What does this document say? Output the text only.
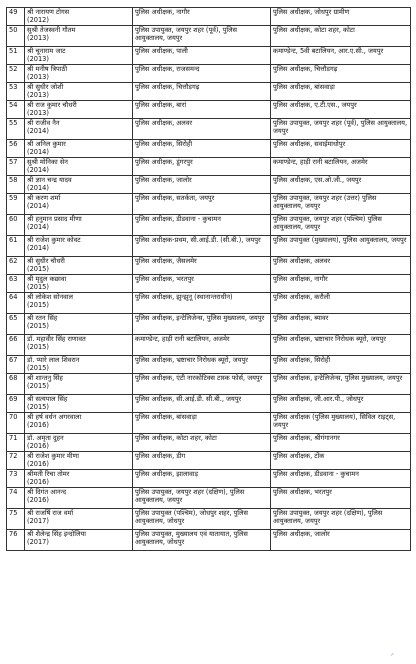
49	श्री नारायण टोगस
(2012)	पुलिस अधीक्षक, नागौर	पुलिस अधीक्षक, जोधपुर ग्रामीण

50	सुश्री तेजस्वनी गौतम
(2013)	पुलिस उपायुक्त, जयपुर शहर (पूर्व), पुलिस आयुक्तालय, जयपुर	पुलिस अधीक्षक, कोटा शहर, कोटा

51	श्री चूनाराम जाट
(2013)	पुलिस अधीक्षक, पाली	कमाण्डेन्ट, 5वी बटालियन, आर.ए.सी., जयपुर

52	श्री मनीष त्रिपाठी
(2013)	पुलिस अधीक्षक, राजसमन्द	पुलिस अधीक्षक, चित्तौडगढ़

53	श्री सुधीर जोशी
(2013)	पुलिस अधीक्षक, चित्तौडगढ़	पुलिस अधीक्षक, बांसवाड़ा

54	श्री राज कुमार चौधरी
(2013)	पुलिस अधीक्षक, बारां	पुलिस अधीक्षक, ए.टी.एस., जयपुर

55	श्री राजीव नैन
(2014)	पुलिस अधीक्षक, अलवर	पुलिस उपायुक्त, जयपुर शहर (पूर्व), पुलिस आयुक्तालय, जयपुर

56	श्री अनिल कुमार
(2014)	पुलिस अधीक्षक, सिरोही	पुलिस अधीक्षक, सवाईमाधोपुर

57	सुश्री मोनिका सेन
(2014)	पुलिस अधीक्षक, डूंगरपुर	कमाण्डेन्ट, हाड़ी रानी बटालियन, अजमेर

58	श्री ज्ञान चन्द्र यादव
(2014)	पुलिस अधीक्षक, जालोर	पुलिस अधीक्षक, एस.ओ.जी., जयपुर

59	श्री करण शर्मा
(2014)	पुलिस अधीक्षक, सतर्कता, जयपुर	पुलिस उपायुक्त, जयपुर शहर (उत्तर) पुलिस आयुक्तालय, जयपुर

60	श्री हनुमान प्रसाद मीणा
(2014)	पुलिस अधीक्षक, डीडवाना - कुचामन	पुलिस उपायुक्त, जयपुर शहर (पश्चिम) पुलिस आयुक्तालय, जयपुर

61	श्री राजेश कुमार कोवट
(2014)	पुलिस अधीक्षक-प्रथम, सी.आई.डी. (सी.बी.), जयपुर	पुलिस उपायुक्त (मुख्यालय), पुलिस आयुक्तालय, जयपुर

62	श्री सुधीर चौधरी
(2015)	पुलिस अधीक्षक, जैसलमेर	पुलिस अधीक्षक, अलवर

63	श्री मृदुल कछावा
(2015)	पुलिस अधीक्षक, भरतपुर	पुलिस अधीक्षक, नागौर

64	श्री लोकेश सोनवाल
(2015)	पुलिस अधीक्षक, झुन्झुनू (स्थानान्तराधीन)	पुलिस अधीक्षक, करौली

65	श्री रतन सिंह
(2015)	पुलिस अधीक्षक, इन्टेलिजेन्स, पुलिस मुख्यालय, जयपुर	पुलिस अधीक्षक, ब्यावर

66	डॉ. महावीर सिंह राणावत
(2015)	कमाण्डेन्ट, हाड़ी रानी बटालियन, अजमेर	पुलिस अधीक्षक, भ्रष्टाचार निरोधक ब्यूरो, जयपुर

67	डॉ. प्यारे लाल शिवरान
(2015)	पुलिस अधीक्षक, भ्रष्टाचार निरोधक ब्यूरो, जयपुर	पुलिस अधीक्षक, सिरोही

68	श्री शान्तनु सिंह
(2015)	पुलिस अधीक्षक, एंटी नारकोटिक्स टास्क फोर्स, जयपुर	पुलिस अधीक्षक, इन्टेलिजेन्स, पुलिस मुख्यालय, जयपुर

69	श्री सत्यपाल सिंह
(2015)	पुलिस अधीक्षक, सी.आई.डी. सी.बी., जयपुर	पुलिस अधीक्षक, जी.आर.पी., जोधपुर

70	श्री हर्ष वर्धन अगरवाला
(2016)	पुलिस अधीक्षक, बांसवाड़ा	पुलिस अधीक्षक (पुलिस मुख्यालय), सिविल राइट्स, जयपुर

71	डॉ. अमृता दुहन
(2016)	पुलिस अधीक्षक, कोटा शहर, कोटा	पुलिस अधीक्षक, श्रीगंगानगर

72	श्री राजेश कुमार मीणा
(2016)	पुलिस अधीक्षक, डीग	पुलिस अधीक्षक, टोंक

73	श्रीमती रिचा तोमर
(2016)	पुलिस अधीक्षक, झालावाड़	पुलिस अधीक्षक, डीडवाना - कुचामन

74	श्री दिगंत आनन्द
(2016)	पुलिस उपायुक्त, जयपुर शहर (दक्षिण), पुलिस आयुक्तालय, जयपुर	पुलिस अधीक्षक, भरतपुर

75	श्री राजर्षि राज वर्मा
(2017)	पुलिस उपायुक्त (पश्चिम), जोधपुर शहर, पुलिस आयुक्तालय, जोधपुर	पुलिस उपायुक्त, जयपुर शहर (दक्षिण), पुलिस आयुक्तालय, जयपुर

76	श्री शैलेन्द्र सिंह इन्दोलिया
(2017)	पुलिस उपायुक्त, मुख्यालय एवं यातायात, पुलिस आयुक्तालय, जोधपुर	पुलिस अधीक्षक, जालोर
⸍
